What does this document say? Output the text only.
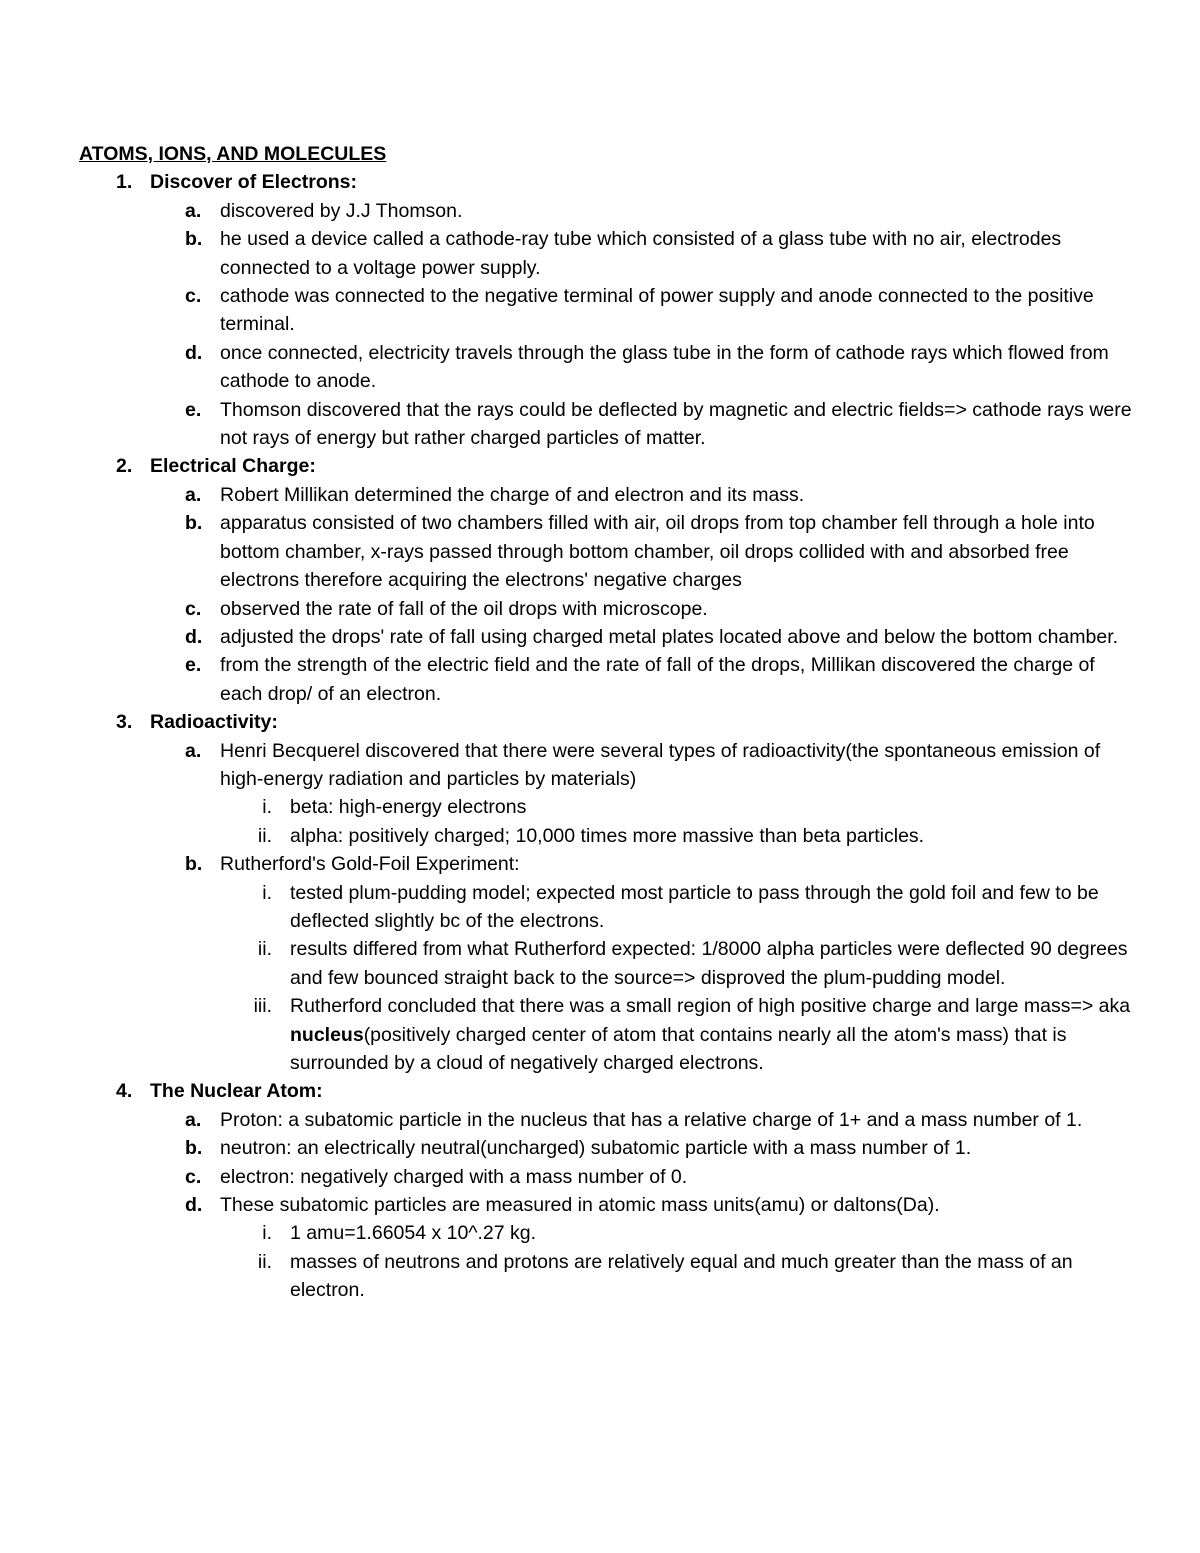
ATOMS, IONS, AND MOLECULES

1. Discover of Electrons:
a. discovered by J.J Thomson.
b. he used a device called a cathode-ray tube which consisted of a glass tube with no air, electrodes connected to a voltage power supply.
c. cathode was connected to the negative terminal of power supply and anode connected to the positive terminal.
d. once connected, electricity travels through the glass tube in the form of cathode rays which flowed from cathode to anode.
e. Thomson discovered that the rays could be deflected by magnetic and electric fields=> cathode rays were not rays of energy but rather charged particles of matter.
2. Electrical Charge:
a. Robert Millikan determined the charge of and electron and its mass.
b. apparatus consisted of two chambers filled with air, oil drops from top chamber fell through a hole into bottom chamber, x-rays passed through bottom chamber, oil drops collided with and absorbed free electrons therefore acquiring the electrons' negative charges
c. observed the rate of fall of the oil drops with microscope.
d. adjusted the drops' rate of fall using charged metal plates located above and below the bottom chamber.
e. from the strength of the electric field and the rate of fall of the drops, Millikan discovered the charge of each drop/ of an electron.
3. Radioactivity:
a. Henri Becquerel discovered that there were several types of radioactivity(the spontaneous emission of high-energy radiation and particles by materials)
i. beta: high-energy electrons
ii. alpha: positively charged; 10,000 times more massive than beta particles.
b. Rutherford's Gold-Foil Experiment:
i. tested plum-pudding model; expected most particle to pass through the gold foil and few to be deflected slightly bc of the electrons.
ii. results differed from what Rutherford expected: 1/8000 alpha particles were deflected 90 degrees and few bounced straight back to the source=> disproved the plum-pudding model.
iii. Rutherford concluded that there was a small region of high positive charge and large mass=> aka nucleus(positively charged center of atom that contains nearly all the atom's mass) that is surrounded by a cloud of negatively charged electrons.
4. The Nuclear Atom:
a. Proton: a subatomic particle in the nucleus that has a relative charge of 1+ and a mass number of 1.
b. neutron: an electrically neutral(uncharged) subatomic particle with a mass number of 1.
c. electron: negatively charged with a mass number of 0.
d. These subatomic particles are measured in atomic mass units(amu) or daltons(Da).
i. 1 amu=1.66054 x 10^.27 kg.
ii. masses of neutrons and protons are relatively equal and much greater than the mass of an electron.
